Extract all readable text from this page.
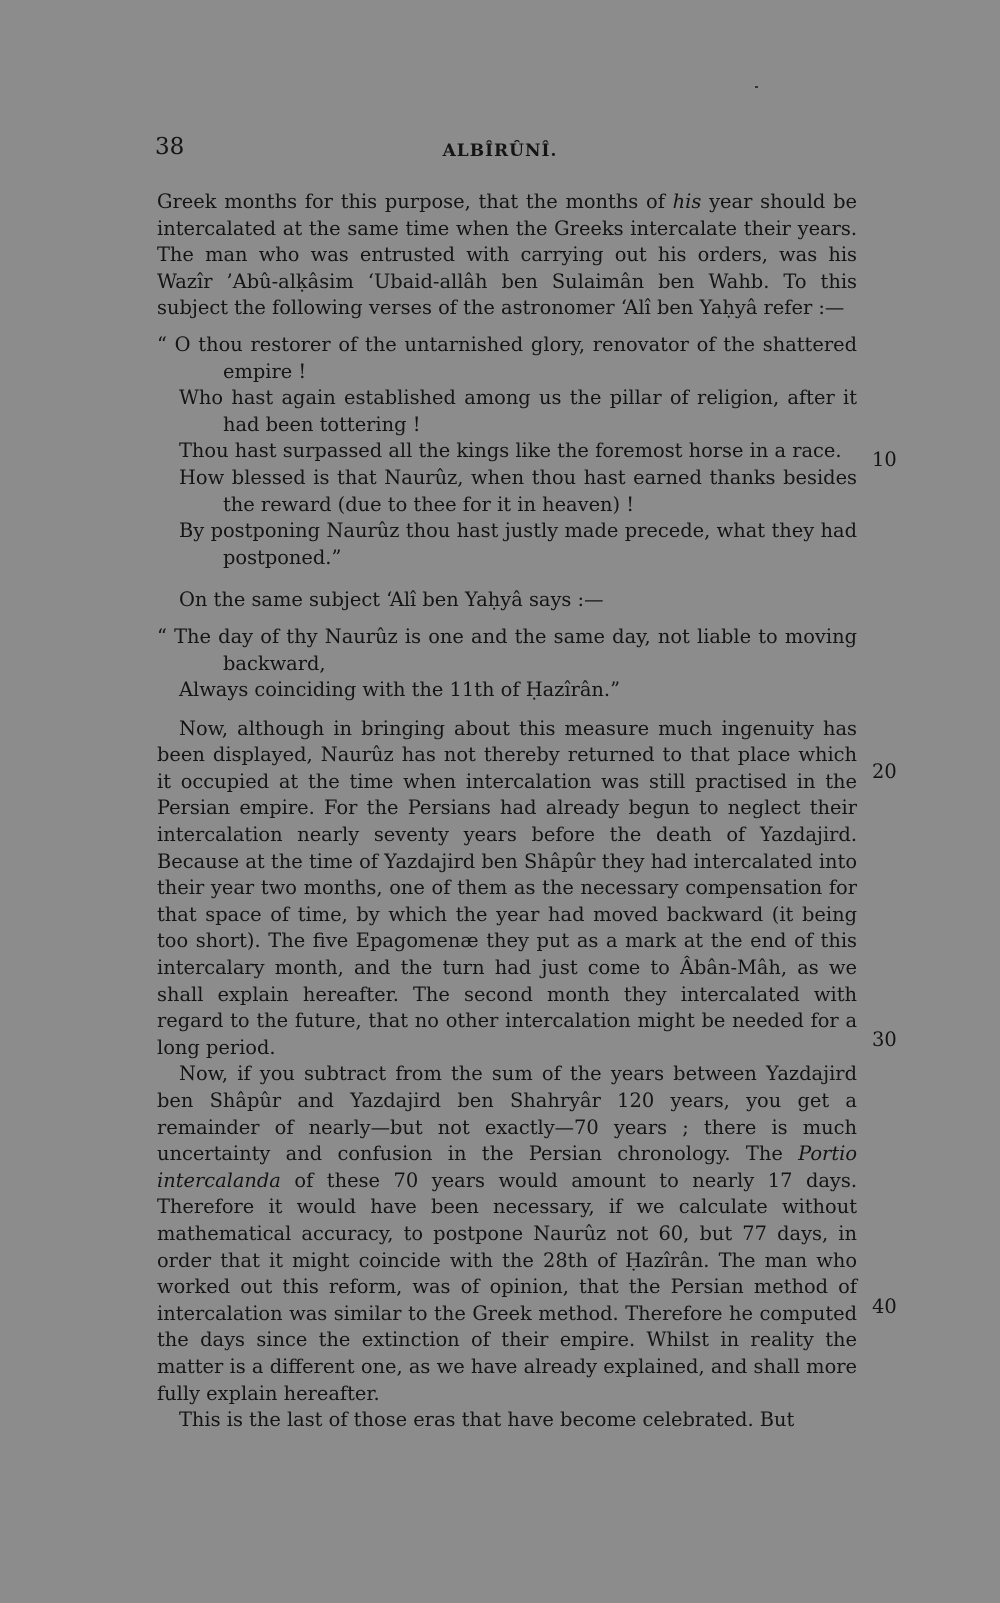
38	ALBÎRÛNÎ.

Greek months for this purpose, that the months of his year should be intercalated at the same time when the Greeks intercalate their years. The man who was entrusted with carrying out his orders, was his Wazîr ’Abû-alḳâsim ‘Ubaid-allâh ben Sulaimân ben Wahb. To this subject the following verses of the astronomer ‘Alî ben Yaḥyâ refer :—

“ O thou restorer of the untarnished glory, renovator of the shattered empire !

Who hast again established among us the pillar of religion, after it had been tottering !

Thou hast surpassed all the kings like the foremost horse in a race.

How blessed is that Naurûz, when thou hast earned thanks besides the reward (due to thee for it in heaven) !

By postponing Naurûz thou hast justly made precede, what they had postponed.”

On the same subject ‘Alî ben Yaḥyâ says :—

“ The day of thy Naurûz is one and the same day, not liable to moving backward,

Always coinciding with the 11th of Ḥazîrân.”

Now, although in bringing about this measure much ingenuity has been displayed, Naurûz has not thereby returned to that place which it occupied at the time when intercalation was still practised in the Persian empire. For the Persians had already begun to neglect their intercalation nearly seventy years before the death of Yazdajird. Because at the time of Yazdajird ben Shâpûr they had intercalated into their year two months, one of them as the necessary compensation for that space of time, by which the year had moved backward (it being too short). The five Epagomenæ they put as a mark at the end of this intercalary month, and the turn had just come to Âbân-Mâh, as we shall explain hereafter. The second month they intercalated with regard to the future, that no other intercalation might be needed for a long period.

Now, if you subtract from the sum of the years between Yazdajird ben Shâpûr and Yazdajird ben Shahryâr 120 years, you get a remainder of nearly—but not exactly—70 years ; there is much uncertainty and confusion in the Persian chronology. The Portio intercalanda of these 70 years would amount to nearly 17 days. Therefore it would have been necessary, if we calculate without mathematical accuracy, to postpone Naurûz not 60, but 77 days, in order that it might coincide with the 28th of Ḥazîrân. The man who worked out this reform, was of opinion, that the Persian method of intercalation was similar to the Greek method. Therefore he computed the days since the extinction of their empire. Whilst in reality the matter is a different one, as we have already explained, and shall more fully explain hereafter.

This is the last of those eras that have become celebrated. But

10
20
30
40
